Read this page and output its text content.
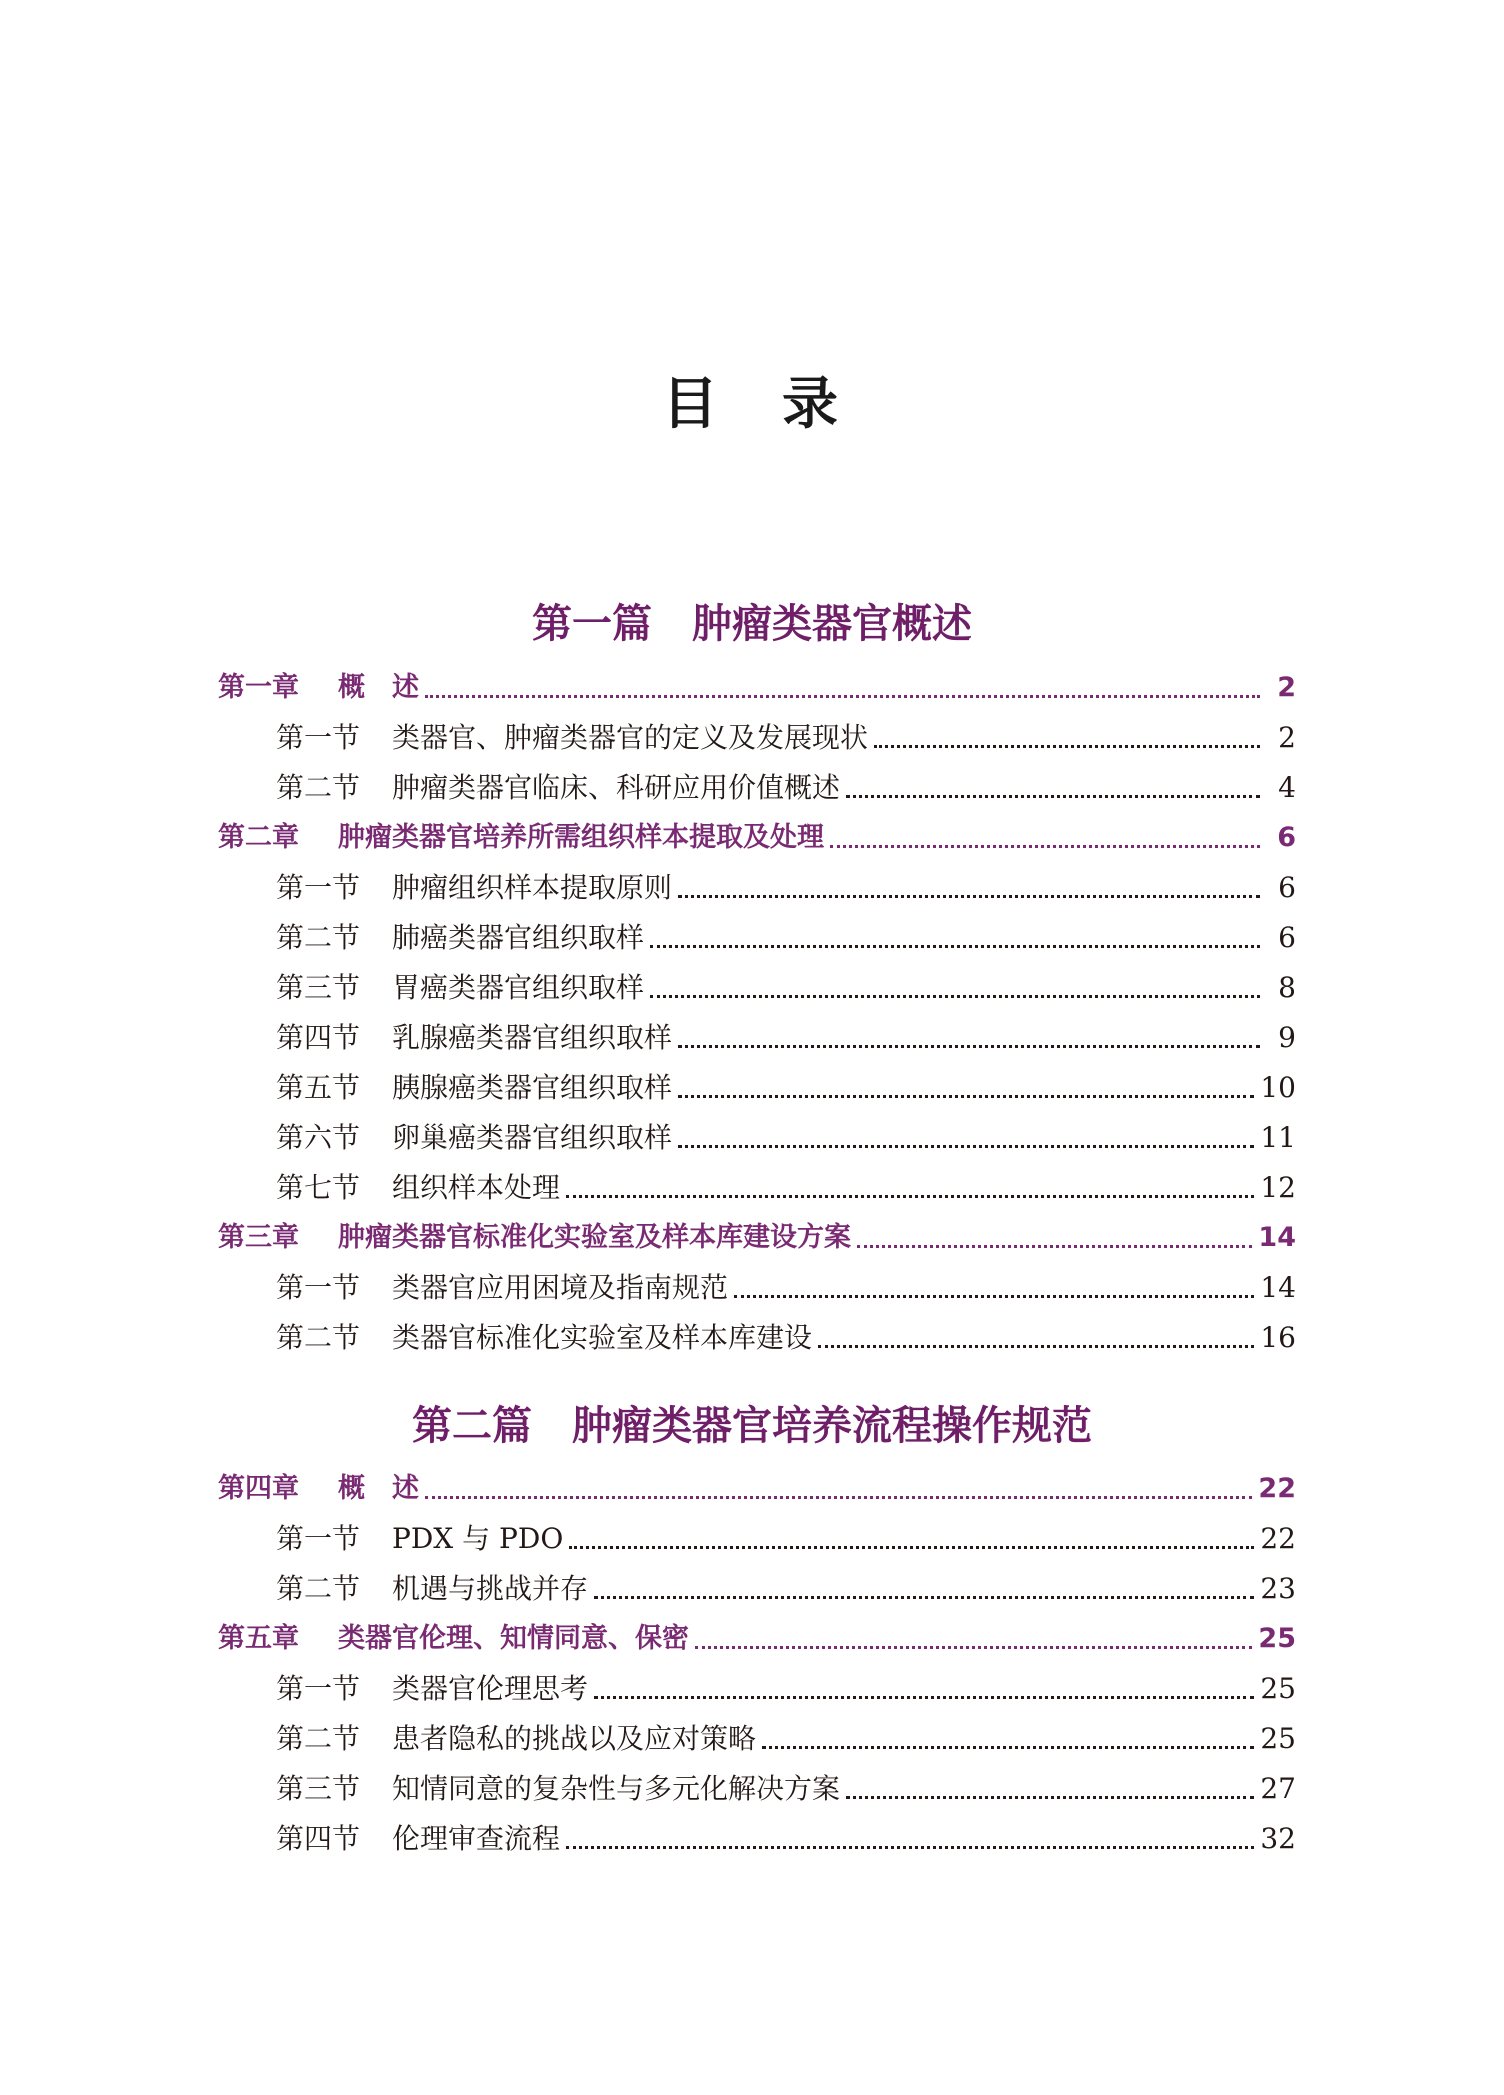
目　录
第一篇　肿瘤类器官概述
第一章 概　述	2
第一节 类器官、肿瘤类器官的定义及发展现状	2
第二节 肿瘤类器官临床、科研应用价值概述	4
第二章 肿瘤类器官培养所需组织样本提取及处理	6
第一节 肿瘤组织样本提取原则	6
第二节 肺癌类器官组织取样	6
第三节 胃癌类器官组织取样	8
第四节 乳腺癌类器官组织取样	9
第五节 胰腺癌类器官组织取样	10
第六节 卵巢癌类器官组织取样	11
第七节 组织样本处理	12
第三章 肿瘤类器官标准化实验室及样本库建设方案	14
第一节 类器官应用困境及指南规范	14
第二节 类器官标准化实验室及样本库建设	16
第二篇　肿瘤类器官培养流程操作规范
第四章 概　述	22
第一节 PDX 与 PDO	22
第二节 机遇与挑战并存	23
第五章 类器官伦理、知情同意、保密	25
第一节 类器官伦理思考	25
第二节 患者隐私的挑战以及应对策略	25
第三节 知情同意的复杂性与多元化解决方案	27
第四节 伦理审查流程	32
